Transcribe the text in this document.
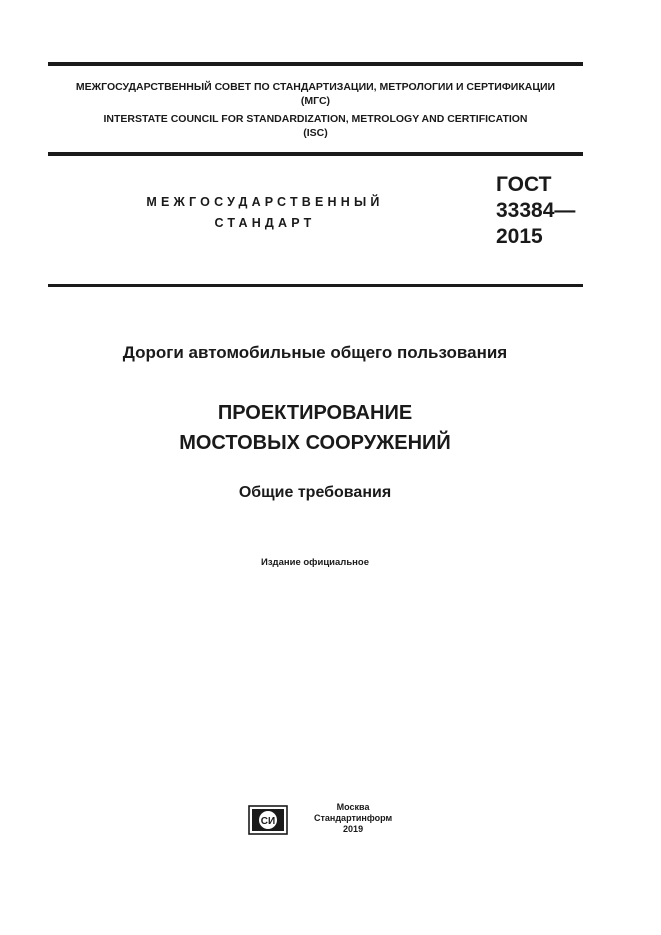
МЕЖГОСУДАРСТВЕННЫЙ СОВЕТ ПО СТАНДАРТИЗАЦИИ, МЕТРОЛОГИИ И СЕРТИФИКАЦИИ
(МГС)
INTERSTATE COUNCIL FOR STANDARDIZATION, METROLOGY AND CERTIFICATION
(ISC)
МЕЖГОСУДАРСТВЕННЫЙ
СТАНДАРТ
ГОСТ
33384—
2015
Дороги автомобильные общего пользования
ПРОЕКТИРОВАНИЕ
МОСТОВЫХ СООРУЖЕНИЙ
Общие требования
Издание официальное
СИ
Москва
Стандартинформ
2019
